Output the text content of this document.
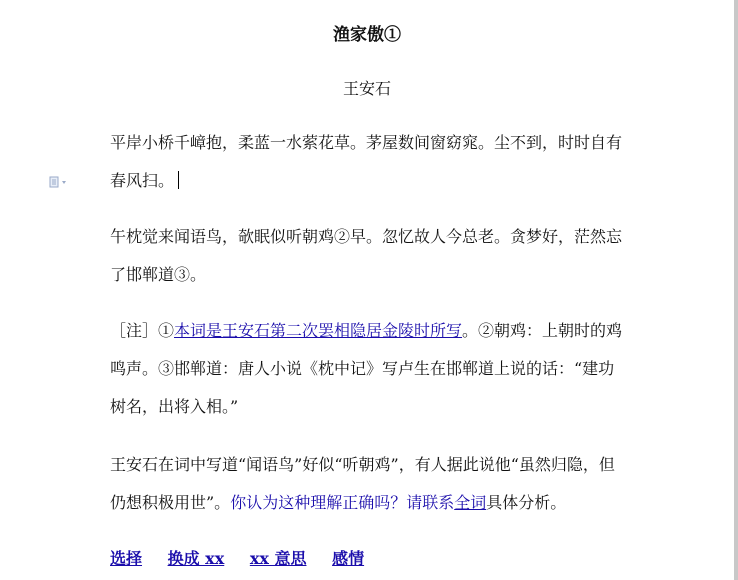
渔家傲①
王安石
平岸小桥千嶂抱，柔蓝一水萦花草。茅屋数间窗窈窕。尘不到，时时自有春风扫。
午枕觉来闻语鸟，欹眠似听朝鸡②早。忽忆故人今总老。贪梦好，茫然忘了邯郸道③。
［注］①本词是王安石第二次罢相隐居金陵时所写。②朝鸡：上朝时的鸡鸣声。③邯郸道：唐人小说《枕中记》写卢生在邯郸道上说的话：“建功树名，出将入相。”
王安石在词中写道“闻语鸟”好似“听朝鸡”，有人据此说他“虽然归隐，但仍想积极用世”。你认为这种理解正确吗？请联系全词具体分析。
选择 换成 xx xx 意思 感情
